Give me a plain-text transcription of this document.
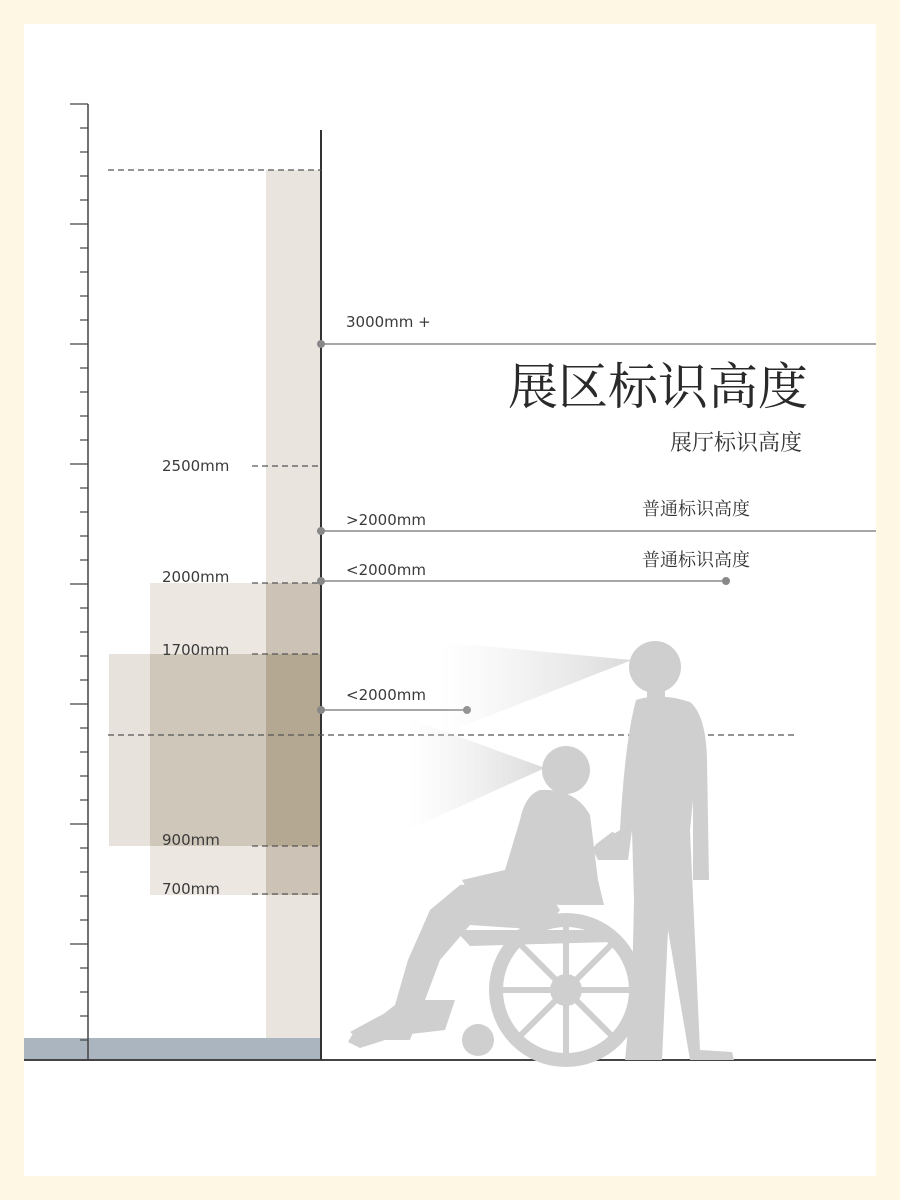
3000mm +
2500mm
>2000mm
2000mm	<2000mm
1700mm
<2000mm
900mm
700mm
展区标识高度
展厅标识高度
普通标识高度
普通标识高度
